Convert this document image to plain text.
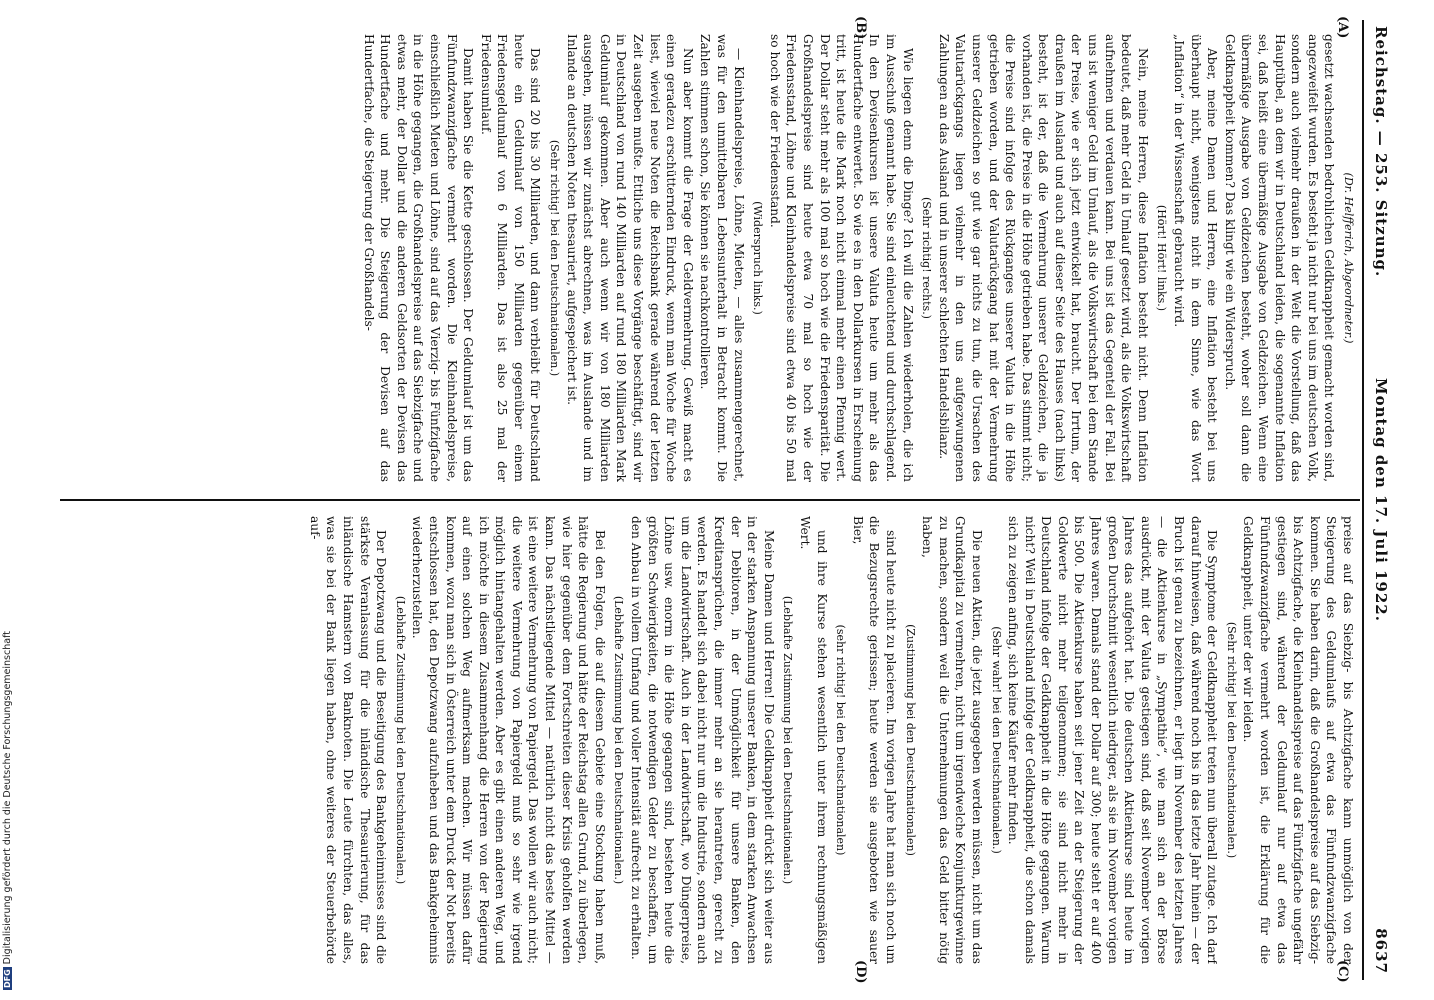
Reichstag. — 253. Sitzung.
Montag den 17. Juli 1922.
8637
(A)
(B)
(C)
(D)

(Dr. Helfferich, Abgeordneter.)

gesetzt wachsenden bedrohlichen Geldknappheit gemacht worden sind, angezweifelt wurden. Es besteht ja nicht nur bei uns im deutschen Volk, sondern auch vielmehr draußen in der Welt die Vorstellung, daß das Hauptübel, an dem wir in Deutschland leiden, die sogenannte Inflation sei, daß heißt eine übermäßige Ausgabe von Geldzeichen. Wenn eine übermäßige Ausgabe von Geldzeichen besteht, woher soll dann die Geldknappheit kommen? Das klingt wie ein Widerspruch.

Aber, meine Damen und Herren, eine Inflation besteht bei uns überhaupt nicht, wenigstens nicht in dem Sinne, wie das Wort „Inflation“ in der Wissenschaft gebraucht wird.

(Hört! Hört! links.)

Nein, meine Herren, diese Inflation besteht nicht. Denn Inflation bedeutet, daß mehr Geld in Umlauf gesetzt wird, als die Volkswirtschaft aufnehmen und verdauen kann. Bei uns ist das Gegenteil der Fall. Bei uns ist weniger Geld im Umlauf, als die Volkswirtschaft bei dem Stande der Preise, wie er sich jetzt entwickelt hat, braucht. Der Irrtum, der draußen im Ausland und auch auf dieser Seite des Hauses (nach links) besteht, ist der, daß die Vermehrung unserer Geldzeichen, die ja vorhanden ist, die Preise in die Höhe getrieben habe. Das stimmt nicht; die Preise sind infolge des Rückganges unserer Valuta in die Höhe getrieben worden, und der Valutarückgang hat mit der Vermehrung unserer Geldzeichen so gut wie gar nichts zu tun, die Ursachen des Valutarückgangs liegen vielmehr in den uns aufgezwungenen Zahlungen an das Ausland und in unserer schlechten Handelsbilanz.

(Sehr richtig! rechts.)

Wie liegen denn die Dinge? Ich will die Zahlen wiederholen, die ich im Ausschuß genannt habe. Sie sind einleuchtend und durchschlagend. In den Devisenkursen ist unsere Valuta heute um mehr als das Hundertfache entwertet. So wie es in den Dollarkursen in Erscheinung tritt, ist heute die Mark noch nicht einmal mehr einen Pfennig wert. Der Dollar steht mehr als 100 mal so hoch wie die Friedensparität. Die Großhandelspreise sind heute etwa 70 mal so hoch wie der Friedensstand, Löhne und Kleinhandelspreise sind etwa 40 bis 50 mal so hoch wie der Friedensstand.

(Widerspruch links.)

— Kleinhandelspreise, Löhne, Mieten, — alles zusammengerechnet, was für den unmittelbaren Lebensunterhalt in Betracht kommt. Die Zahlen stimmen schon, Sie können sie nachkontrollieren.

Nun aber kommt die Frage der Geldvermehrung. Gewiß macht es einen geradezu erschütternden Eindruck, wenn man Woche für Woche liest, wieviel neue Noten die Reichsbank gerade während der letzten Zeit ausgeben mußte. Ettliche uns diese Vorgänge beschäftigt, sind wir in Deutschland von rund 140 Milliarden auf rund 180 Milliarden Mark Geldumlauf gekommen. Aber auch wenn wir von 180 Milliarden ausgehen, müssen wir zunächst abrechnen, was im Auslande und im Inlande an deutschen Noten thesauriert, aufgespeichert ist.

(Sehr richtig! bei den Deutschnationalen.)

Das sind 20 bis 30 Milliarden, und dann verbleibt für Deutschland heute ein Geldumlauf von 150 Milliarden gegenüber einem Friedensgeldumlauf von 6 Milliarden. Das ist also 25 mal der Friedensumlauf.

Damit haben Sie die Kette geschlossen. Der Geldumlauf ist um das Fünfundzwanzigfache vermehrt worden. Die Kleinhandelspreise, einschließlich Mieten und Löhne, sind auf das Vierzig- bis Fünfzigfache in die Höhe gegangen, die Großhandelspreise auf das Siebzigfache und etwas mehr, der Dollar und die anderen Geldsorten der Devisen das Hundertfache und mehr. Die Steigerung der Devisen auf das Hundertfache, die Steigerung der Großhandels-

preise auf das Siebzig- bis Achtzigfache kann unmöglich von der Steigerung des Geldumlaufs auf etwa das Fünfundzwanzigfache kommen. Sie haben darin, daß die Großhandelspreise auf das Siebzig- bis Achtzigfache, die Kleinhandelspreise auf das Fünfzigfache ungefähr gestiegen sind, während der Geldumlauf nur auf etwa das Fünfundzwanzigfache vermehrt worden ist, die Erklärung für die Geldknappheit, unter der wir leiden.

(Sehr richtig! bei den Deutschnationalen.)

Die Symptome der Geldknappheit treten nun überall zutage. Ich darf darauf hinweisen, daß während noch bis in das letzte Jahr hinein — der Bruch ist genau zu bezeichnen, er liegt im November des letzten Jahres — die Aktienkurse in „Sympathie“, wie man sich an der Börse ausdrückt, mit der Valuta gestiegen sind, daß seit November vorigen Jahres das aufgehört hat. Die deutschen Aktienkurse sind heute im großen Durchschnitt wesentlich niedriger, als sie im November vorigen Jahres waren. Damals stand der Dollar auf 300; heute steht er auf 400 bis 500. Die Aktienkurse haben seit jener Zeit an der Steigerung der Goldwerte nicht mehr teilgenommen; sie sind nicht mehr in Deutschland infolge der Geldknappheit in die Höhe gegangen. Warum nicht? Weil in Deutschland infolge der Geldknappheit, die schon damals sich zu zeigen anfing, sich keine Käufer mehr finden.

(Sehr wahr! bei den Deutschnationalen.)

Die neuen Aktien, die jetzt ausgegeben werden müssen, nicht um das Grundkapital zu vermehren, nicht um irgendwelche Konjunkturgewinne zu machen, sondern weil die Unternehmungen das Geld bitter nötig haben,

(Zustimmung bei den Deutschnationalen)

sind heute nicht zu placieren. Im vorigen Jahre hat man sich noch um die Bezugsrechte gerissen; heute werden sie ausgeboten wie sauer Bier,

(sehr richtig! bei den Deutschnationalen)

und ihre Kurse stehen wesentlich unter ihrem rechnungsmäßigen Wert.

(Lebhafte Zustimmung bei den Deutschnationalen.)

Meine Damen und Herren! Die Geldknappheit drückt sich weiter aus in der starken Anspannung unserer Banken, in dem starken Anwachsen der Debitoren, in der Unmöglichkeit für unsere Banken, den Kreditansprüchen, die immer mehr an sie herantreten, gerecht zu werden. Es handelt sich dabei nicht nur um die Industrie, sondern auch um die Landwirtschaft. Auch in der Landwirtschaft, wo Düngerpreise, Löhne usw. enorm in die Höhe gegangen sind, bestehen heute die größten Schwierigkeiten, die notwendigen Gelder zu beschaffen, um den Anbau in vollem Umfang und voller Intensität aufrecht zu erhalten.

(Lebhafte Zustimmung bei den Deutschnationalen.)

Bei den Folgen, die auf diesem Gebiete eine Stockung haben muß, hätte die Regierung und hätte der Reichstag allen Grund, zu überlegen, wie hier gegenüber dem Fortschreiten dieser Krisis geholfen werden kann. Das nächstliegende Mittel — natürlich nicht das beste Mittel — ist eine weitere Vermehrung von Papiergeld. Das wollen wir auch nicht; die weitere Vermehrung von Papiergeld muß so sehr wie irgend möglich hintangehalten werden. Aber es gibt einen anderen Weg, und ich möchte in diesem Zusammenhang die Herren von der Regierung auf einen solchen Weg aufmerksam machen. Wir müssen dafür kommen, wozu man sich in Österreich unter dem Druck der Not bereits entschlossen hat, den Depotzwang aufzuheben und das Bankgeheimnis wiederherzustellen.

(Lebhafte Zustimmung bei den Deutschnationalen.)

Der Depotzwang und die Beseitigung des Bankgeheimnisses sind die stärkste Veranlassung für die inländische Thesaurierung, für das inländische Hamstern von Banknoten. Die Leute fürchten, das alles, was sie bei der Bank liegen haben, ohne weiteres der Steuerbehörde auf-

DFGDigitalisierung gefördert durch die Deutsche Forschungsgemeinschaft
